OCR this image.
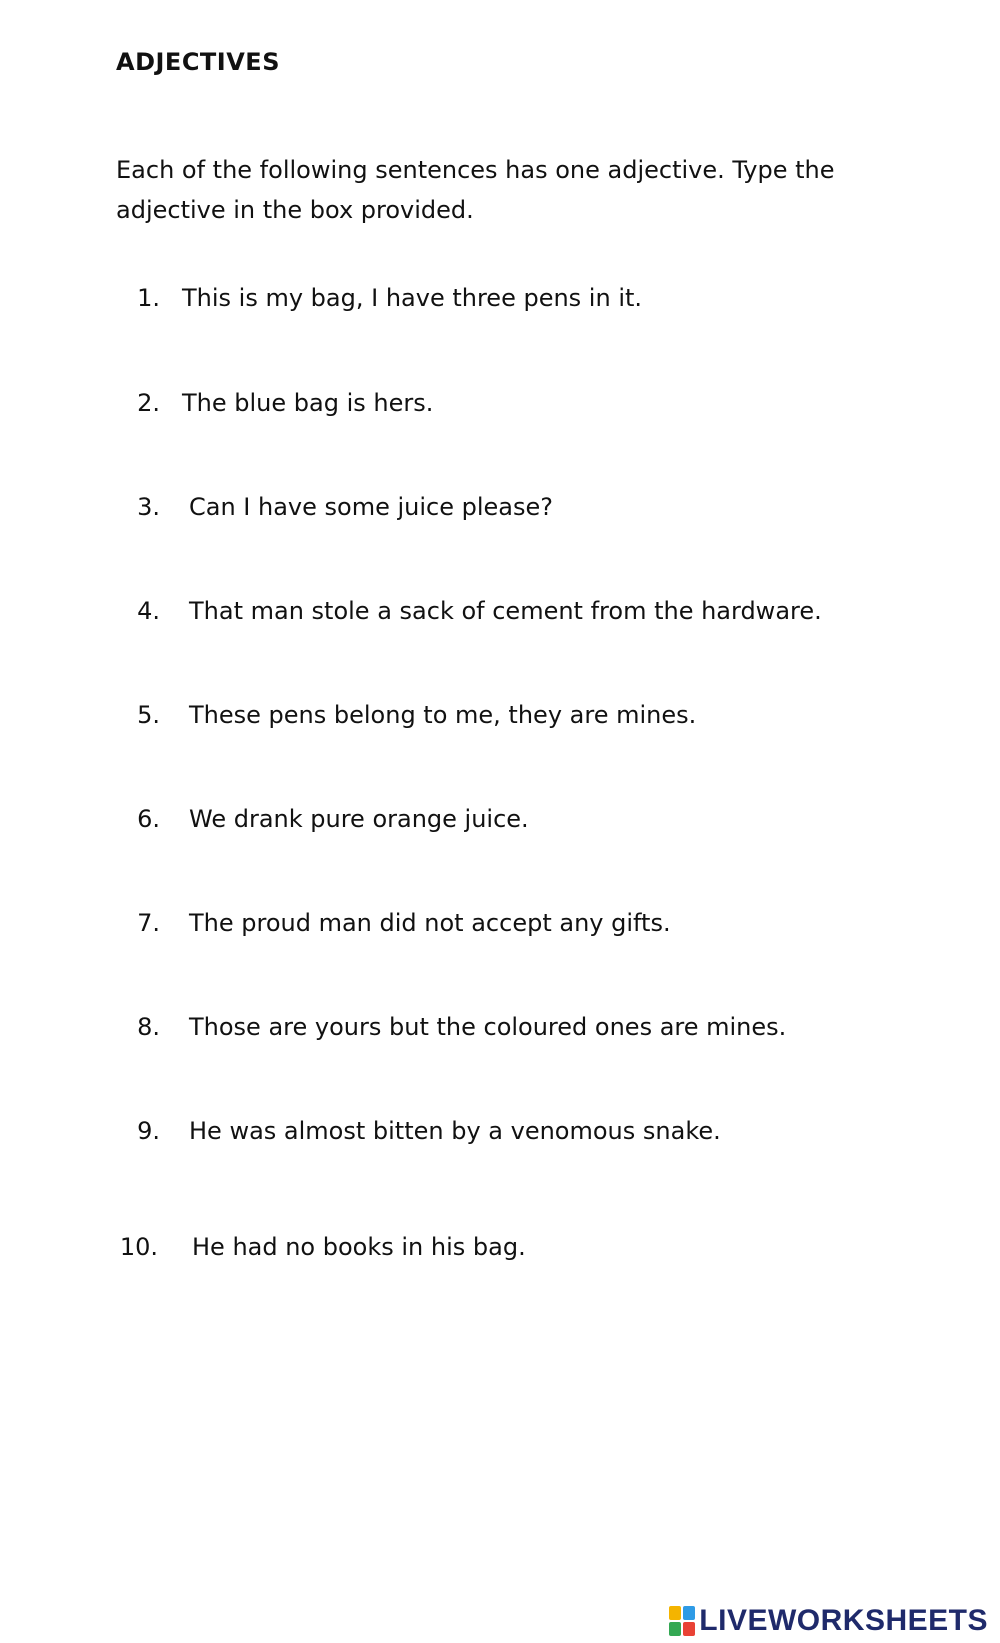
ADJECTIVES
Each of the following sentences has one adjective. Type the adjective in the box provided.
1. This is my bag, I have three pens in it.
2. The blue bag is hers.
3. Can I have some juice please?
4. That man stole a sack of cement from the hardware.
5. These pens belong to me, they are mines.
6. We drank pure orange juice.
7. The proud man did not accept any gifts.
8. Those are yours but the coloured ones are mines.
9. He was almost bitten by a venomous snake.
10. He had no books in his bag.
LIVEWORKSHEETS
